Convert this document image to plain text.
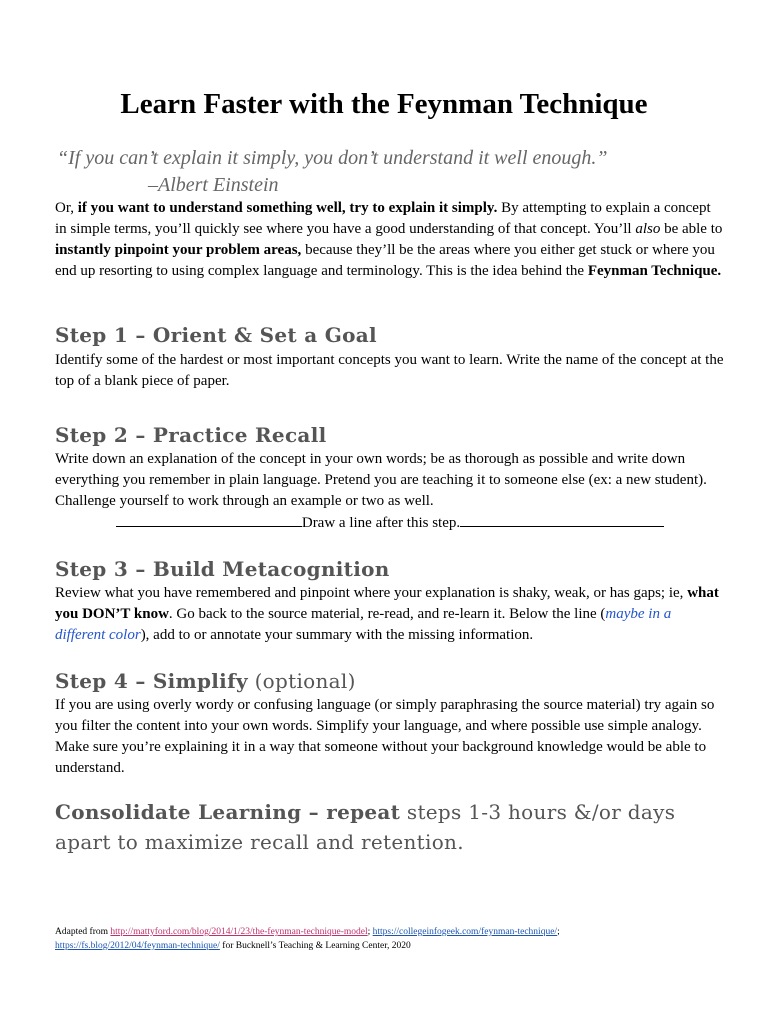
Learn Faster with the Feynman Technique
“If you can’t explain it simply, you don’t understand it well enough.”
–Albert Einstein

Or, if you want to understand something well, try to explain it simply. By attempting to explain a concept in simple terms, you’ll quickly see where you have a good understanding of that concept. You’ll also be able to instantly pinpoint your problem areas, because they’ll be the areas where you either get stuck or where you end up resorting to using complex language and terminology. This is the idea behind the Feynman Technique.

Step 1 – Orient & Set a Goal

Identify some of the hardest or most important concepts you want to learn. Write the name of the concept at the top of a blank piece of paper.

Step 2 – Practice Recall

Write down an explanation of the concept in your own words; be as thorough as possible and write down everything you remember in plain language. Pretend you are teaching it to someone else (ex: a new student). Challenge yourself to work through an example or two as well.

Draw a line after this step.
Step 3 – Build Metacognition

Review what you have remembered and pinpoint where your explanation is shaky, weak, or has gaps; ie, what you DON’T know. Go back to the source material, re-read, and re-learn it. Below the line (maybe in a different color), add to or annotate your summary with the missing information.

Step 4 – Simplify (optional)

If you are using overly wordy or confusing language (or simply paraphrasing the source material) try again so you filter the content into your own words. Simplify your language, and where possible use simple analogy. Make sure you’re explaining it in a way that someone without your background knowledge would be able to understand.

Consolidate Learning – repeat steps 1-3 hours &/or days apart to maximize recall and retention.
Adapted from http://mattyford.com/blog/2014/1/23/the-feynman-technique-model; https://collegeinfogeek.com/feynman-technique/;
https://fs.blog/2012/04/feynman-technique/ for Bucknell’s Teaching & Learning Center, 2020
